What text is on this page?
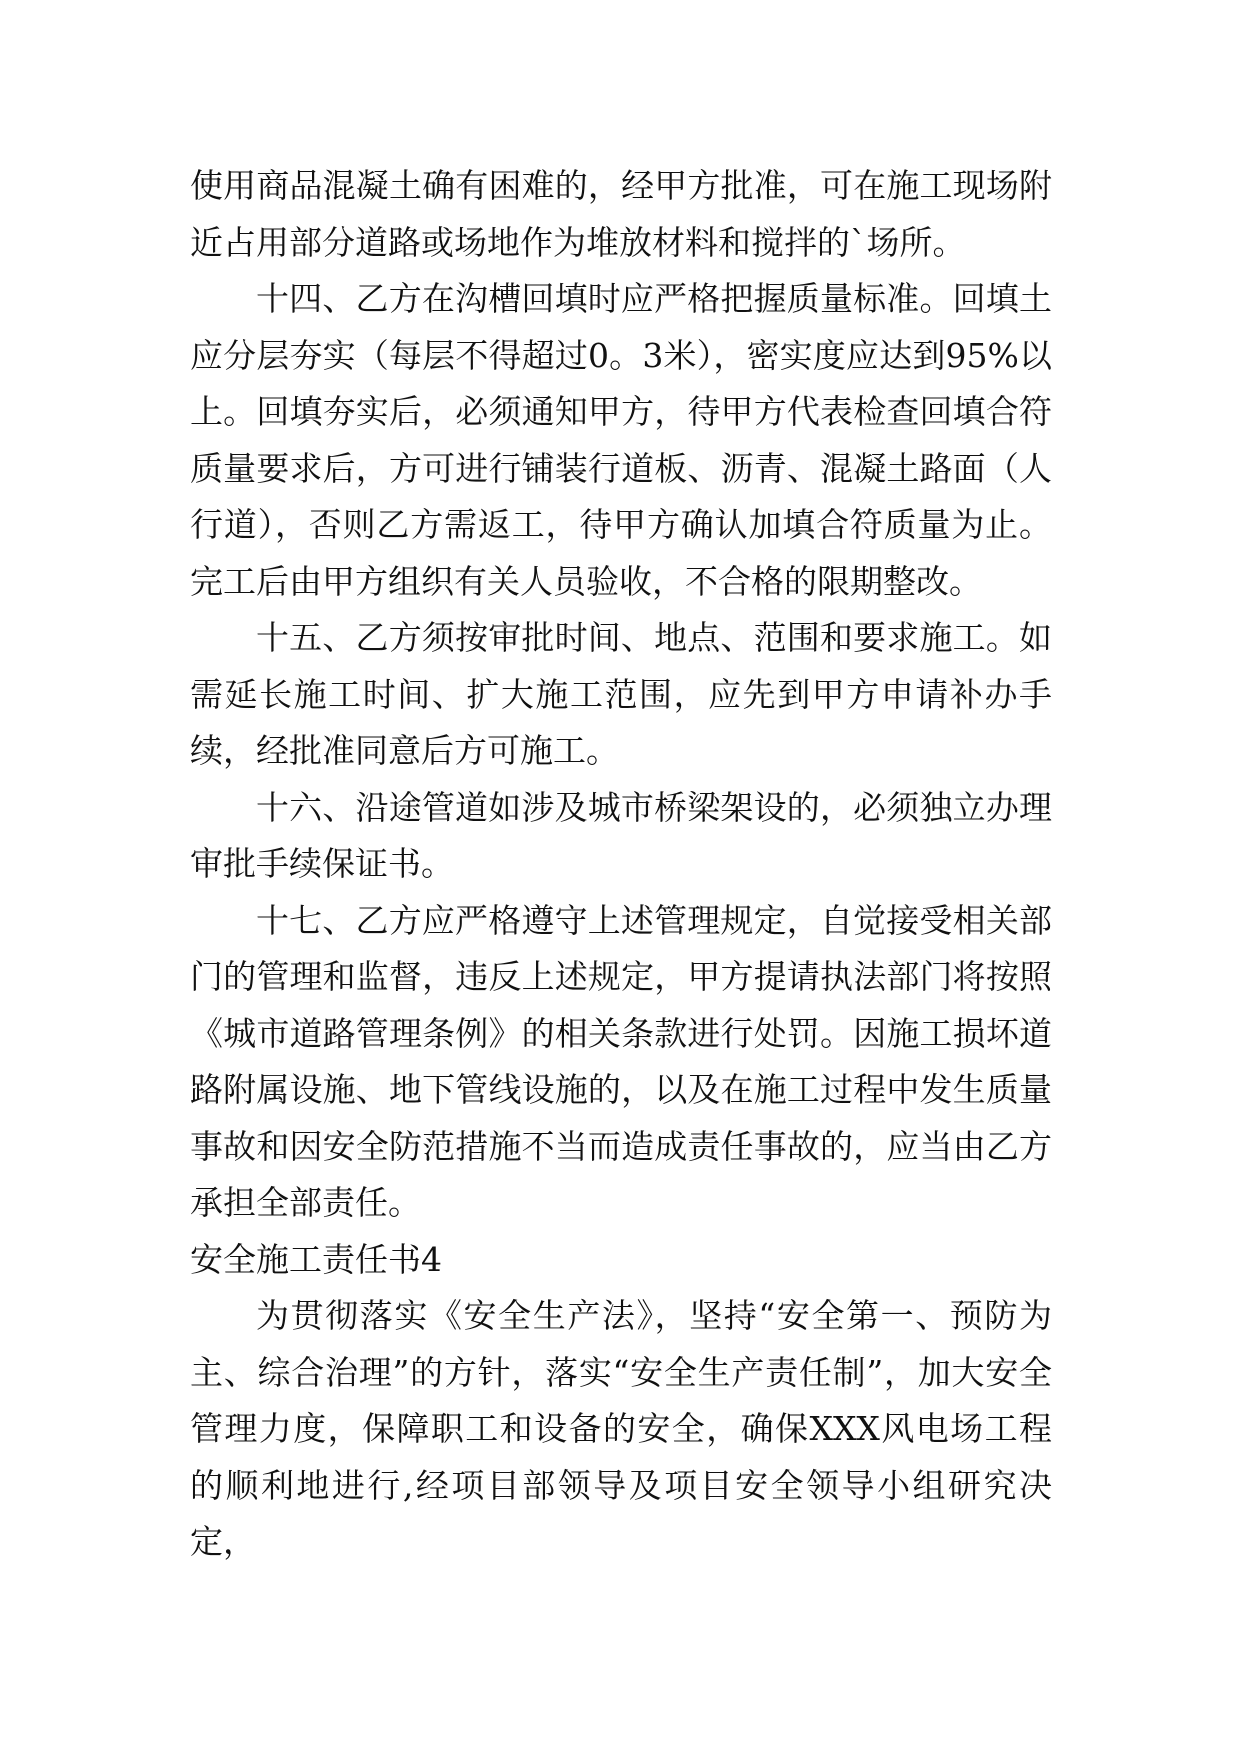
使用商品混凝土确有困难的，经甲方批准，可在施工现场附近占用部分道路或场地作为堆放材料和搅拌的`场所。

十四、乙方在沟槽回填时应严格把握质量标准。回填土应分层夯实（每层不得超过0。3米），密实度应达到95%以上。回填夯实后，必须通知甲方，待甲方代表检查回填合符质量要求后，方可进行铺装行道板、沥青、混凝土路面（人行道），否则乙方需返工，待甲方确认加填合符质量为止。完工后由甲方组织有关人员验收，不合格的限期整改。

十五、乙方须按审批时间、地点、范围和要求施工。如需延长施工时间、扩大施工范围，应先到甲方申请补办手续，经批准同意后方可施工。

十六、沿途管道如涉及城市桥梁架设的，必须独立办理审批手续保证书。

十七、乙方应严格遵守上述管理规定，自觉接受相关部门的管理和监督，违反上述规定，甲方提请执法部门将按照《城市道路管理条例》的相关条款进行处罚。因施工损坏道路附属设施、地下管线设施的，以及在施工过程中发生质量事故和因安全防范措施不当而造成责任事故的，应当由乙方承担全部责任。

安全施工责任书4

为贯彻落实《安全生产法》，坚持“安全第一、预防为主、综合治理”的方针，落实“安全生产责任制”，加大安全管理力度，保障职工和设备的安全，确保XXX风电场工程的顺利地进行,经项目部领导及项目安全领导小组研究决定，
